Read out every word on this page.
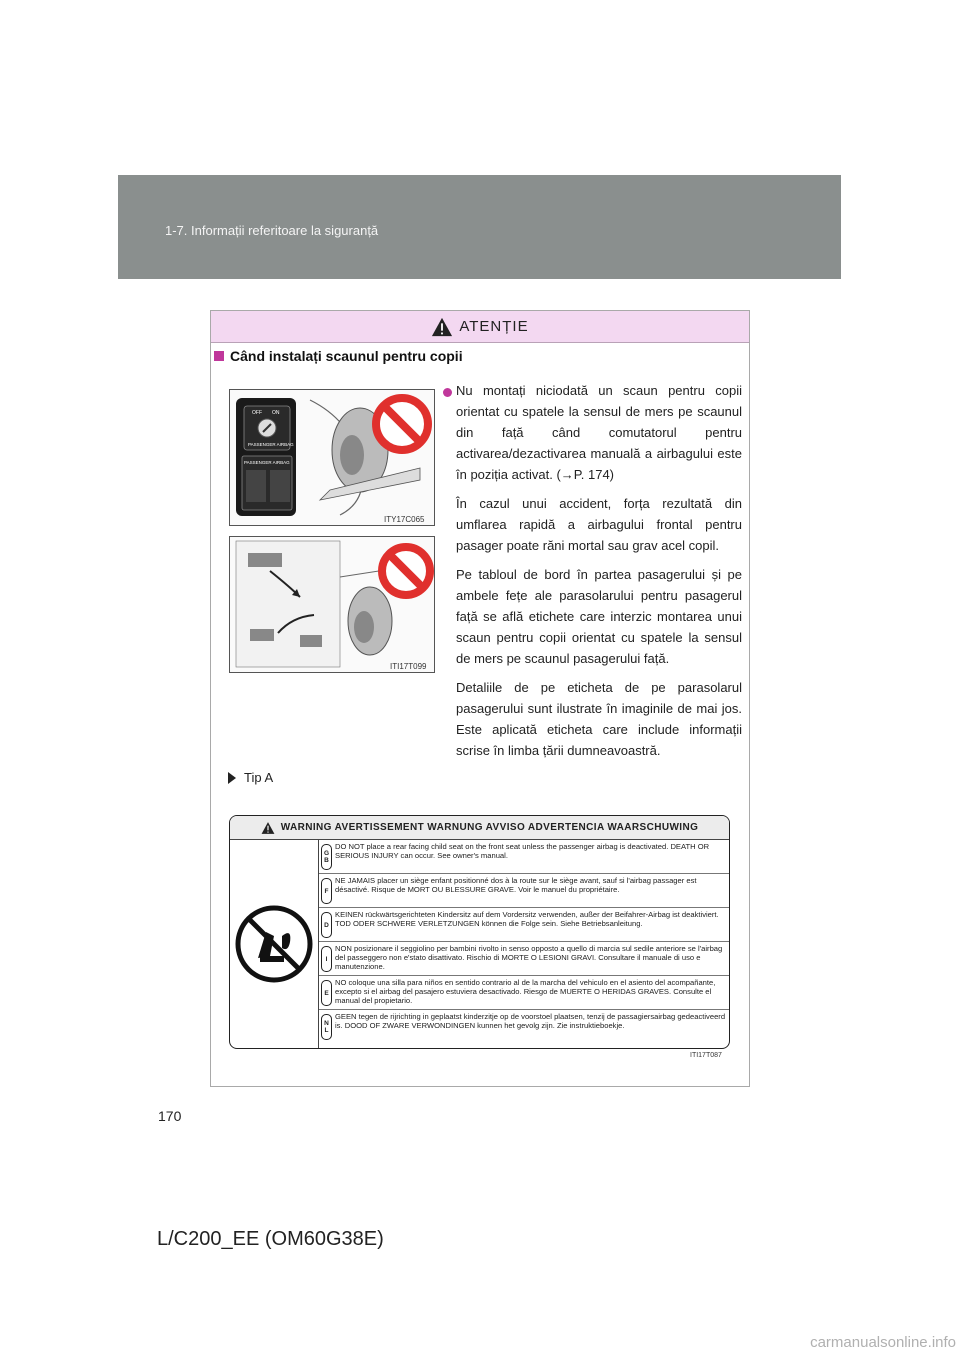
1-7. Informații referitoare la siguranță
ATENȚIE
Când instalați scaunul pentru copii
OFF ON
PASSENGER AIRBAG
PASSENGER AIRBAG
ITY17C065
ITI17T099

Nu montați niciodată un scaun pentru copii orientat cu spatele la sensul de mers pe scaunul din față când comutatorul pentru activarea/dezactivarea manuală a airbagului este în poziția activat. (→P. 174)

În cazul unui accident, forța rezultată din umflarea rapidă a airbagului frontal pentru pasager poate răni mortal sau grav acel copil.

Pe tabloul de bord în partea pasagerului și pe ambele fețe ale parasolarului pentru pasagerul față se află etichete care interzic montarea unui scaun pentru copii orientat cu spatele la sensul de mers pe scaunul pasagerului față.

Detaliile de pe eticheta de pe parasolarul pasagerului sunt ilustrate în imaginile de mai jos. Este aplicată eticheta care include informații scrise în limba țării dumneavoastră.

Tip A
WARNING AVERTISSEMENT WARNUNG AVVISO ADVERTENCIA WAARSCHUWING
GB
DO NOT place a rear facing child seat on the front seat unless the passenger airbag is deactivated. DEATH OR SERIOUS INJURY can occur. See owner's manual.
F
NE JAMAIS placer un siège enfant positionné dos à la route sur le siège avant, sauf si l'airbag passager est désactivé. Risque de MORT OU BLESSURE GRAVE. Voir le manuel du propriétaire.
D
KEINEN rückwärtsgerichteten Kindersitz auf dem Vordersitz verwenden, außer der Beifahrer-Airbag ist deaktiviert. TOD ODER SCHWERE VERLETZUNGEN können die Folge sein. Siehe Betriebsanleitung.
I
NON posizionare il seggiolino per bambini rivolto in senso opposto a quello di marcia sul sedile anteriore se l'airbag del passeggero non e'stato disattivato. Rischio di MORTE O LESIONI GRAVI. Consultare il manuale di uso e manutenzione.
E
NO coloque una silla para niños en sentido contrario al de la marcha del vehiculo en el asiento del acompañante, excepto si el airbag del pasajero estuviera desactivado. Riesgo de MUERTE O HERIDAS GRAVES. Consulte el manual del propietario.
NL
GEEN tegen de rijrichting in geplaatst kinderzitje op de voorstoel plaatsen, tenzij de passagiersairbag gedeactiveerd is. DOOD OF ZWARE VERWONDINGEN kunnen het gevolg zijn. Zie instruktieboekje.
ITI17T087
170
L/C200_EE (OM60G38E)
carmanualsonline.info
